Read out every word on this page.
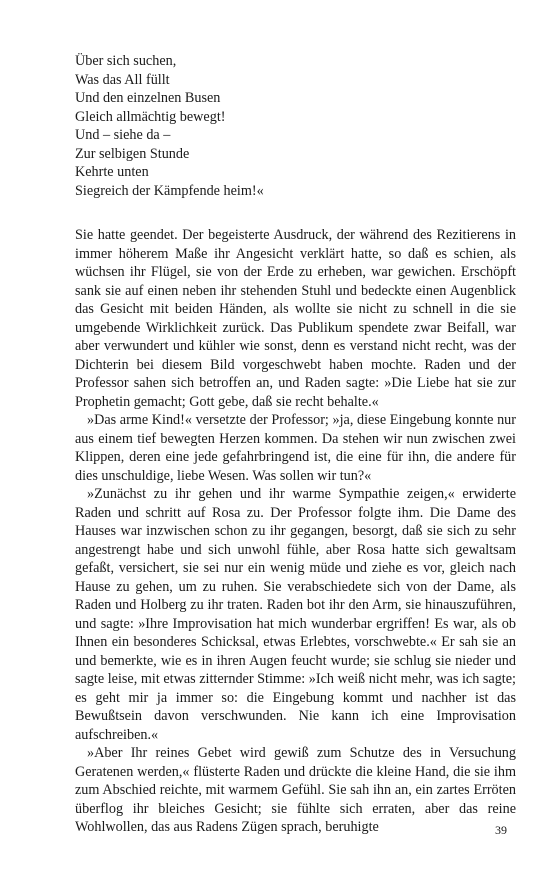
Über sich suchen,
Was das All füllt
Und den einzelnen Busen
Gleich allmächtig bewegt!
Und – siehe da –
Zur selbigen Stunde
Kehrte unten
Siegreich der Kämpfende heim!«

Sie hatte geendet. Der begeisterte Ausdruck, der während des Rezitierens in immer höherem Maße ihr Angesicht verklärt hatte, so daß es schien, als wüchsen ihr Flügel, sie von der Erde zu erheben, war gewichen. Erschöpft sank sie auf einen neben ihr stehenden Stuhl und bedeckte einen Augenblick das Gesicht mit beiden Händen, als wollte sie nicht zu schnell in die sie umgebende Wirklichkeit zurück. Das Publikum spendete zwar Beifall, war aber verwundert und kühler wie sonst, denn es verstand nicht recht, was der Dichterin bei diesem Bild vorgeschwebt haben mochte. Raden und der Professor sahen sich betroffen an, und Raden sagte: »Die Liebe hat sie zur Prophetin gemacht; Gott gebe, daß sie recht behalte.«

»Das arme Kind!« versetzte der Professor; »ja, diese Eingebung konnte nur aus einem tief bewegten Herzen kommen. Da stehen wir nun zwischen zwei Klippen, deren eine jede gefahrbringend ist, die eine für ihn, die andere für dies unschuldige, liebe Wesen. Was sollen wir tun?«

»Zunächst zu ihr gehen und ihr warme Sympathie zeigen,« erwiderte Raden und schritt auf Rosa zu. Der Professor folgte ihm. Die Dame des Hauses war inzwischen schon zu ihr gegangen, besorgt, daß sie sich zu sehr angestrengt habe und sich unwohl fühle, aber Rosa hatte sich gewaltsam gefaßt, versichert, sie sei nur ein wenig müde und ziehe es vor, gleich nach Hause zu gehen, um zu ruhen. Sie verabschiedete sich von der Dame, als Raden und Holberg zu ihr traten. Raden bot ihr den Arm, sie hinauszuführen, und sagte: »Ihre Improvisation hat mich wunderbar ergriffen! Es war, als ob Ihnen ein besonderes Schicksal, etwas Erlebtes, vorschwebte.« Er sah sie an und bemerkte, wie es in ihren Augen feucht wurde; sie schlug sie nieder und sagte leise, mit etwas zitternder Stimme: »Ich weiß nicht mehr, was ich sagte; es geht mir ja immer so: die Eingebung kommt und nachher ist das Bewußtsein davon verschwunden. Nie kann ich eine Improvisation aufschreiben.«

»Aber Ihr reines Gebet wird gewiß zum Schutze des in Versuchung Geratenen werden,« flüsterte Raden und drückte die kleine Hand, die sie ihm zum Abschied reichte, mit warmem Gefühl. Sie sah ihn an, ein zartes Erröten überflog ihr bleiches Gesicht; sie fühlte sich erraten, aber das reine Wohlwollen, das aus Radens Zügen sprach, beruhigte	39
